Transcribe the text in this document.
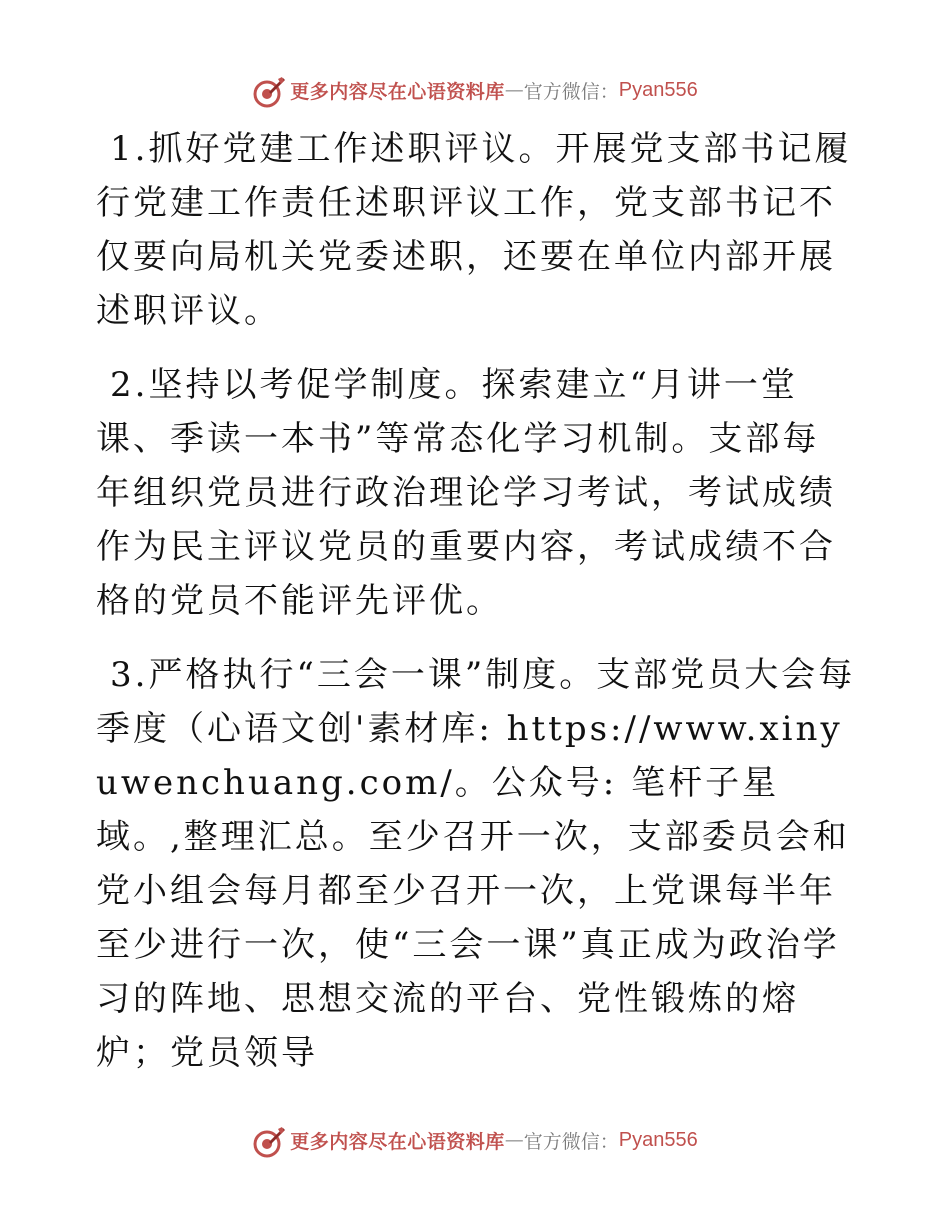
更多内容尽在心语资料库 — 官方微信： Pyan556

1.抓好党建工作述职评议。开展党支部书记履行党建工作责任述职评议工作，党支部书记不仅要向局机关党委述职，还要在单位内部开展述职评议。

2.坚持以考促学制度。探索建立“月讲一堂课、季读一本书”等常态化学习机制。支部每年组织党员进行政治理论学习考试，考试成绩作为民主评议党员的重要内容，考试成绩不合格的党员不能评先评优。

3.严格执行“三会一课”制度。支部党员大会每季度（心语文创'素材库: https://www.xinyuwenchuang.com/。公众号: 笔杆子星域。,整理汇总。至少召开一次，支部委员会和党小组会每月都至少召开一次，上党课每半年至少进行一次，使“三会一课”真正成为政治学习的阵地、思想交流的平台、党性锻炼的熔炉；党员领导

更多内容尽在心语资料库 — 官方微信： Pyan556
